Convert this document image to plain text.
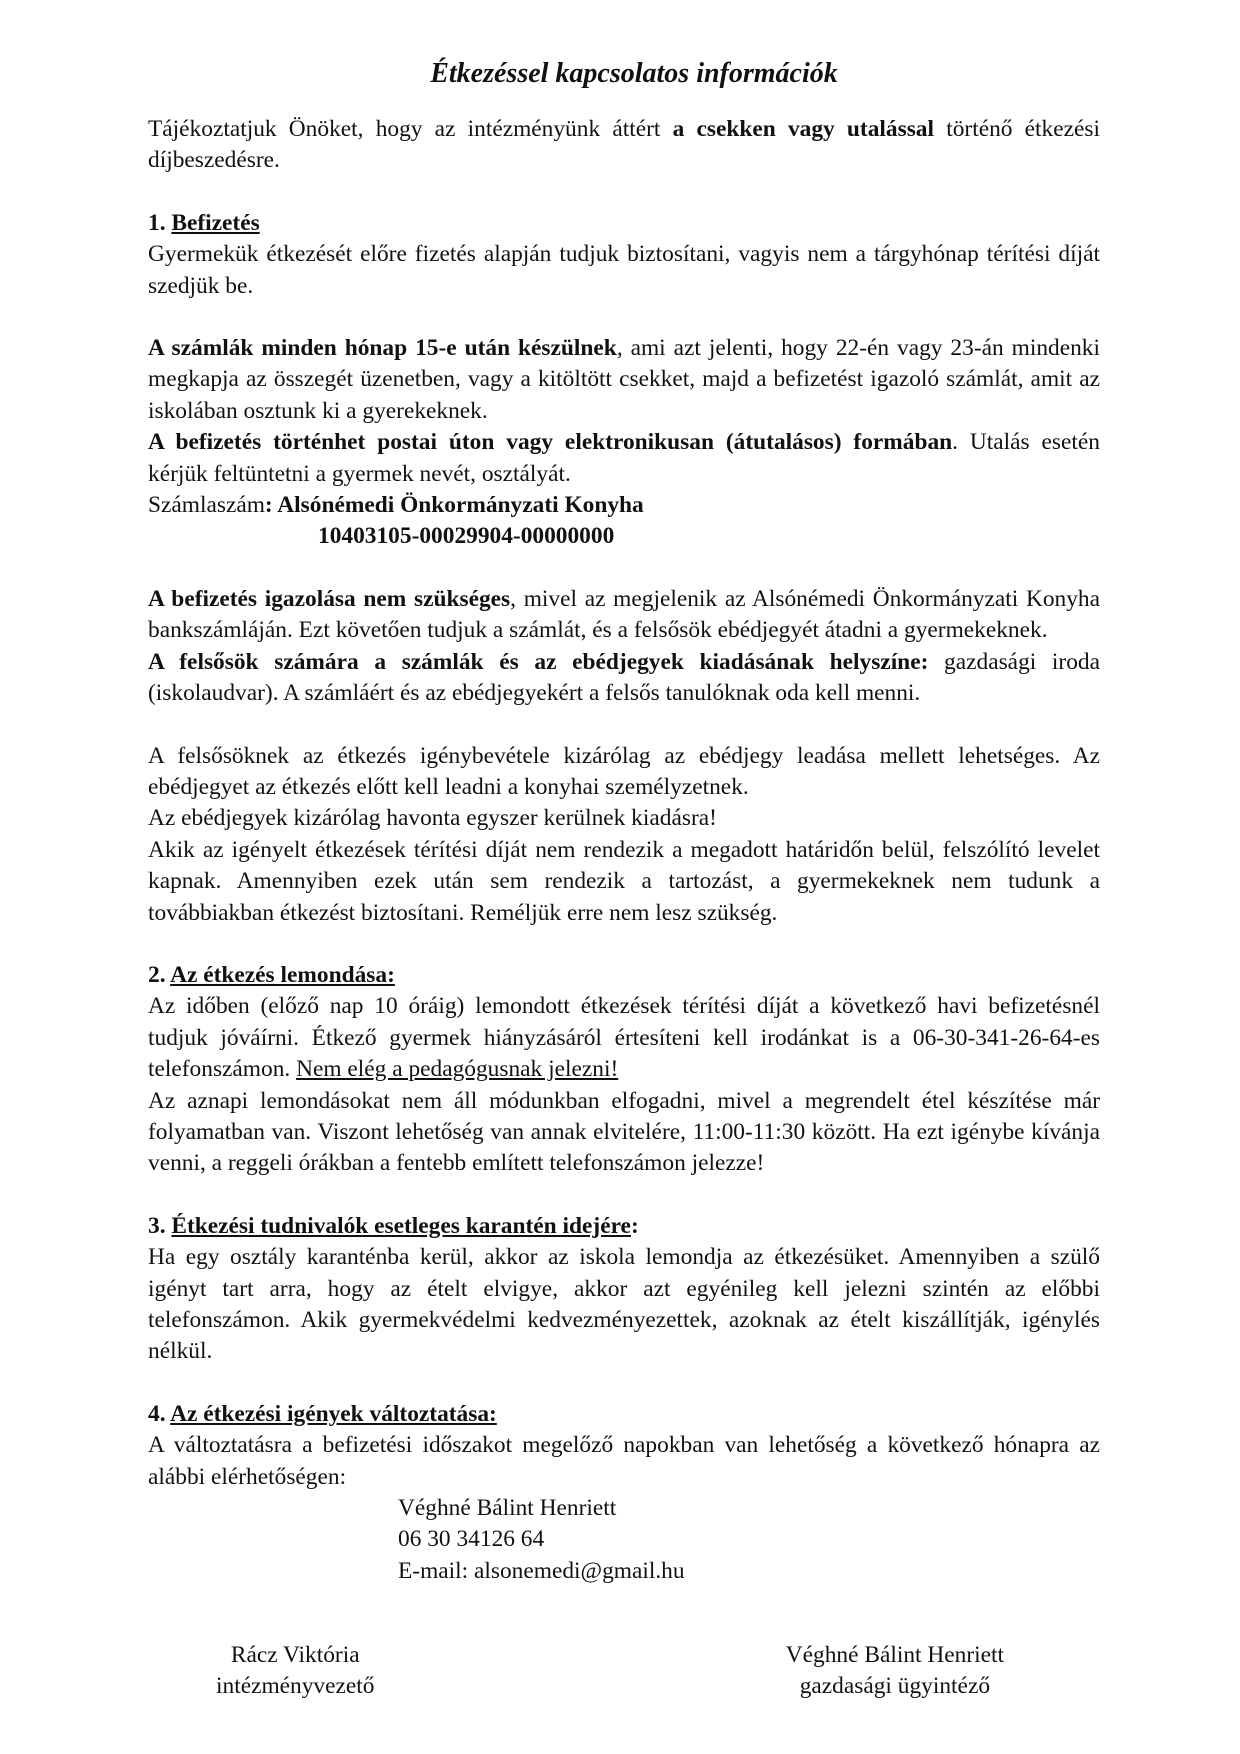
Étkezéssel kapcsolatos információk

Tájékoztatjuk Önöket, hogy az intézményünk áttért a csekken vagy utalással történő étkezési díjbeszedésre.

1. Befizetés

Gyermekük étkezését előre fizetés alapján tudjuk biztosítani, vagyis nem a tárgyhónap térítési díját szedjük be.

A számlák minden hónap 15-e után készülnek, ami azt jelenti, hogy 22-én vagy 23-án mindenki megkapja az összegét üzenetben, vagy a kitöltött csekket, majd a befizetést igazoló számlát, amit az iskolában osztunk ki a gyerekeknek.

A befizetés történhet postai úton vagy elektronikusan (átutalásos) formában. Utalás esetén kérjük feltüntetni a gyermek nevét, osztályát.

Számlaszám: Alsónémedi Önkormányzati Konyha

10403105-00029904-00000000

A befizetés igazolása nem szükséges, mivel az megjelenik az Alsónémedi Önkormányzati Konyha bankszámláján. Ezt követően tudjuk a számlát, és a felsősök ebédjegyét átadni a gyermekeknek.

A felsősök számára a számlák és az ebédjegyek kiadásának helyszíne: gazdasági iroda (iskolaudvar). A számláért és az ebédjegyekért a felsős tanulóknak oda kell menni.

A felsősöknek az étkezés igénybevétele kizárólag az ebédjegy leadása mellett lehetséges. Az ebédjegyet az étkezés előtt kell leadni a konyhai személyzetnek.

Az ebédjegyek kizárólag havonta egyszer kerülnek kiadásra!

Akik az igényelt étkezések térítési díját nem rendezik a megadott határidőn belül, felszólító levelet kapnak. Amennyiben ezek után sem rendezik a tartozást, a gyermekeknek nem tudunk a továbbiakban étkezést biztosítani. Reméljük erre nem lesz szükség.

2. Az étkezés lemondása:

Az időben (előző nap 10 óráig) lemondott étkezések térítési díját a következő havi befizetésnél tudjuk jóváírni. Étkező gyermek hiányzásáról értesíteni kell irodánkat is a 06-30-341-26-64-es telefonszámon. Nem elég a pedagógusnak jelezni!

Az aznapi lemondásokat nem áll módunkban elfogadni, mivel a megrendelt étel készítése már folyamatban van. Viszont lehetőség van annak elvitelére, 11:00-11:30 között. Ha ezt igénybe kívánja venni, a reggeli órákban a fentebb említett telefonszámon jelezze!

3. Étkezési tudnivalók esetleges karantén idejére:

Ha egy osztály karanténba kerül, akkor az iskola lemondja az étkezésüket. Amennyiben a szülő igényt tart arra, hogy az ételt elvigye, akkor azt egyénileg kell jelezni szintén az előbbi telefonszámon. Akik gyermekvédelmi kedvezményezettek, azoknak az ételt kiszállítják, igénylés nélkül.

4. Az étkezési igények változtatása:

A változtatásra a befizetési időszakot megelőző napokban van lehetőség a következő hónapra az alábbi elérhetőségen:

Véghné Bálint Henriett

06 30 34126 64

E-mail: alsonemedi@gmail.hu

Rácz Viktória
intézményvezető
Véghné Bálint Henriett
gazdasági ügyintéző
